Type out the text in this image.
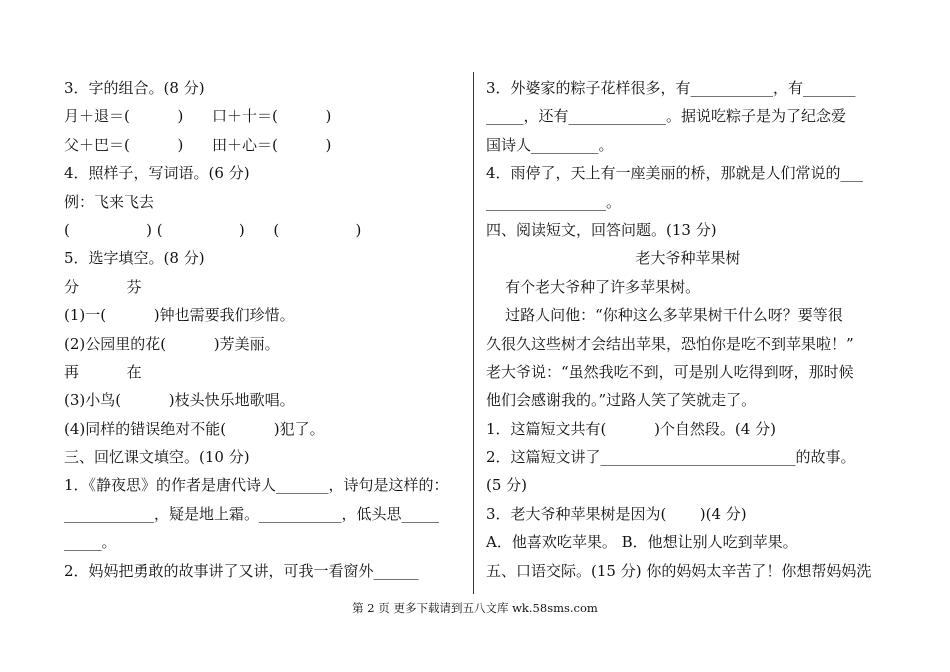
3．字的组合。(8 分)
月＋退＝(          )      口＋十＝(          )
父＋巴＝(          )      田＋心＝(          )
4．照样子，写词语。(6 分)
例：飞来飞去
(                ) (                )      (                )
5．选字填空。(8 分)
分          芬
(1)一(          )钟也需要我们珍惜。
(2)公园里的花(          )芳美丽。
再          在
(3)小鸟(          )枝头快乐地歌唱。
(4)同样的错误绝对不能(          )犯了。
三、回忆课文填空。(10 分)
1．《静夜思》的作者是唐代诗人_______，诗句是这样的：
____________，疑是地上霜。___________，低头思_____
_____。
2．妈妈把勇敢的故事讲了又讲，可我一看窗外______
3．外婆家的粽子花样很多，有___________，有_______
_____，还有_____________。据说吃粽子是为了纪念爱
国诗人_________。
4．雨停了，天上有一座美丽的桥，那就是人们常说的___
________________。
四、阅读短文，回答问题。(13 分)
老大爷种苹果树
有个老大爷种了许多苹果树。
过路人问他：“你种这么多苹果树干什么呀？要等很
久很久这些树才会结出苹果，恐怕你是吃不到苹果啦！”
老大爷说：“虽然我吃不到，可是别人吃得到呀，那时候
他们会感谢我的。”过路人笑了笑就走了。
1．这篇短文共有(          )个自然段。(4 分)
2．这篇短文讲了__________________________的故事。
(5 分)
3．老大爷种苹果树是因为(       )(4 分)
A．他喜欢吃苹果。 B．他想让别人吃到苹果。
五、口语交际。(15 分) 你的妈妈太辛苦了！你想帮妈妈洗
第 2 页 更多下载请到五八文库 wk.58sms.com
